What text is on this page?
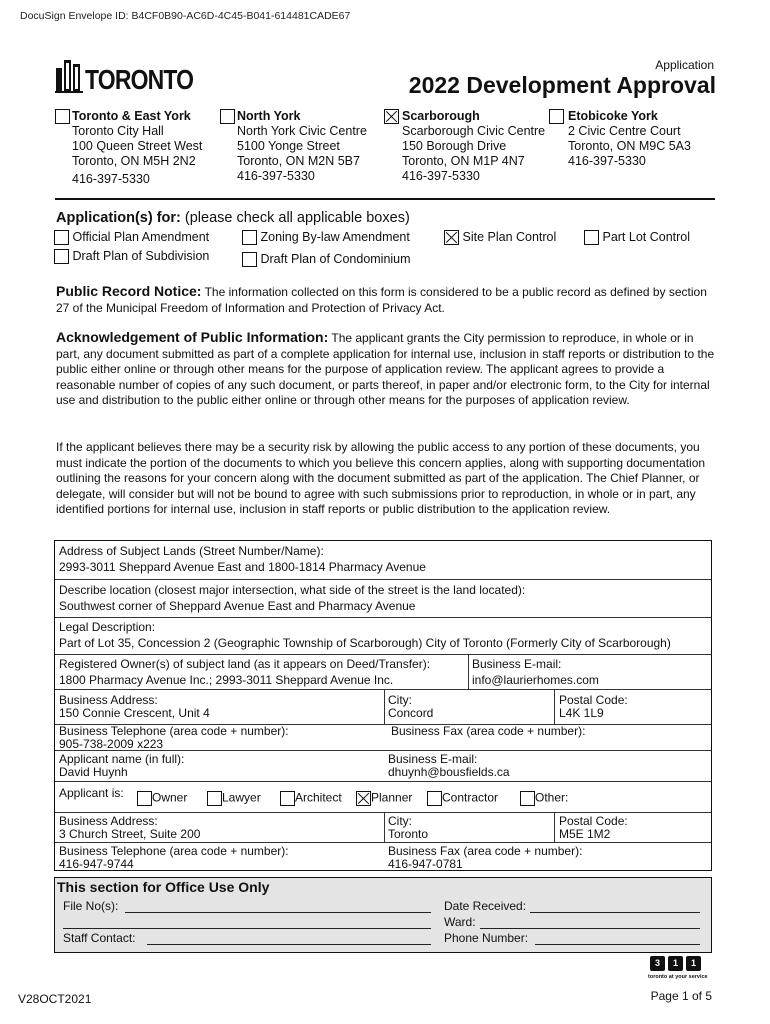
DocuSign Envelope ID: B4CF0B90-AC6D-4C45-B041-614481CADE67
TORONTO	Application
2022 Development Approval
Toronto & East York
Toronto City Hall
100 Queen Street West
Toronto, ON M5H 2N2
416-397-5330
North York
North York Civic Centre
5100 Yonge Street
Toronto, ON M2N 5B7
416-397-5330
Scarborough
Scarborough Civic Centre
150 Borough Drive
Toronto, ON M1P 4N7
416-397-5330
Etobicoke York
2 Civic Centre Court
Toronto, ON M9C 5A3
416-397-5330
Application(s) for: (please check all applicable boxes)
Official Plan Amendment	Zoning By-law Amendment	Site Plan Control	Part Lot Control
Draft Plan of Subdivision	Draft Plan of Condominium
Public Record Notice: The information collected on this form is considered to be a public record as defined by section 27 of the Municipal Freedom of Information and Protection of Privacy Act.
Acknowledgement of Public Information: The applicant grants the City permission to reproduce, in whole or in part, any document submitted as part of a complete application for internal use, inclusion in staff reports or distribution to the public either online or through other means for the purpose of application review. The applicant agrees to provide a reasonable number of copies of any such document, or parts thereof, in paper and/or electronic form, to the City for internal use and distribution to the public either online or through other means for the purposes of application review.
If the applicant believes there may be a security risk by allowing the public access to any portion of these documents, you must indicate the portion of the documents to which you believe this concern applies, along with supporting documentation outlining the reasons for your concern along with the document submitted as part of the application. The Chief Planner, or delegate, will consider but will not be bound to agree with such submissions prior to reproduction, in whole or in part, any identified portions for internal use, inclusion in staff reports or public distribution to the application review.
Address of Subject Lands (Street Number/Name):
2993-3011 Sheppard Avenue East and 1800-1814 Pharmacy Avenue
Describe location (closest major intersection, what side of the street is the land located):
Southwest corner of Sheppard Avenue East and Pharmacy Avenue
Legal Description:
Part of Lot 35, Concession 2 (Geographic Township of Scarborough) City of Toronto (Formerly City of Scarborough)
Registered Owner(s) of subject land (as it appears on Deed/Transfer):
1800 Pharmacy Avenue Inc.; 2993-3011 Sheppard Avenue Inc.
Business E-mail:
info@laurierhomes.com
Business Address:
150 Connie Crescent, Unit 4
City:
Concord
Postal Code:
L4K 1L9
Business Telephone (area code + number):
905-738-2009 x223
Business Fax (area code + number):
Applicant name (in full):
David Huynh
Business E-mail:
dhuynh@bousfields.ca
Applicant is:	Owner	Lawyer	Architect	Planner	Contractor	Other:
Business Address:
3 Church Street, Suite 200
City:
Toronto
Postal Code:
M5E 1M2
Business Telephone (area code + number):
416-947-9744
Business Fax (area code + number):
416-947-0781
This section for Office Use Only
File No(s):
Staff Contact:
Date Received:
Ward:
Phone Number:
3	1	1
toronto at your service
V28OCT2021	Page 1 of 5
